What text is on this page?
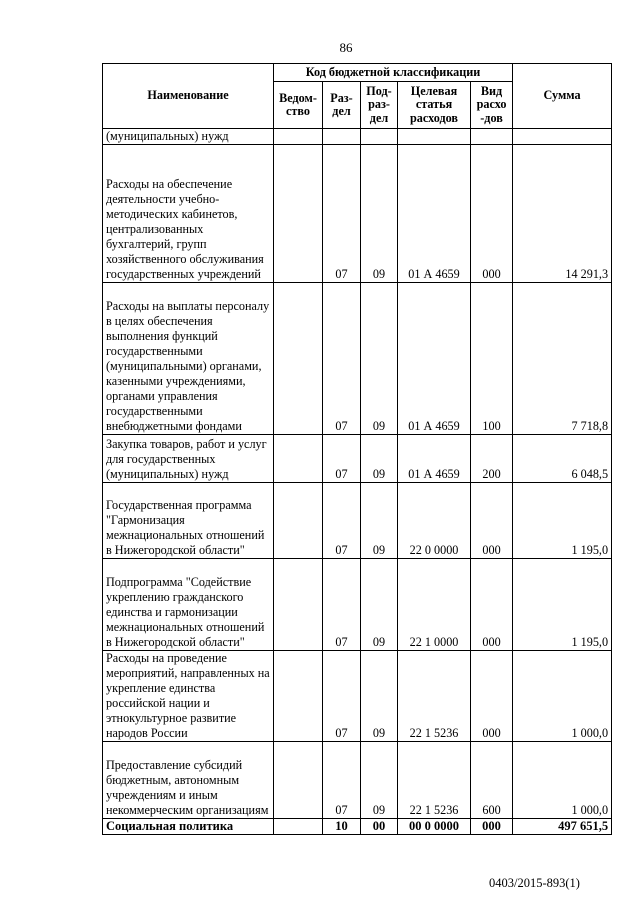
86
Наименование	Код бюджетной классификации					Сумма
	Ведом-ство	Раз-дел	Под-раз-дел	Целевая статья расходов	Вид расхо -дов	
(муниципальных) нужд						
Расходы на обеспечение деятельности учебно-методических кабинетов, централизованных бухгалтерий, групп хозяйственного обслуживания государственных учреждений		07	09	01 А 4659	000	14 291,3
Расходы на выплаты персоналу в целях обеспечения выполнения функций государственными (муниципальными) органами, казенными учреждениями, органами управления государственными внебюджетными фондами		07	09	01 А 4659	100	7 718,8
Закупка товаров, работ и услуг для государственных (муниципальных) нужд		07	09	01 А 4659	200	6 048,5
Государственная программа "Гармонизация межнациональных отношений в Нижегородской области"		07	09	22 0 0000	000	1 195,0
Подпрограмма "Содействие укреплению гражданского единства и гармонизации межнациональных отношений в Нижегородской области"		07	09	22 1 0000	000	1 195,0
Расходы на проведение мероприятий, направленных на укрепление единства российской нации и этнокультурное развитие народов России		07	09	22 1 5236	000	1 000,0
Предоставление субсидий бюджетным, автономным учреждениям и иным некоммерческим организациям		07	09	22 1 5236	600	1 000,0
Социальная политика		10	00	00 0 0000	000	497 651,5
0403/2015-893(1)
